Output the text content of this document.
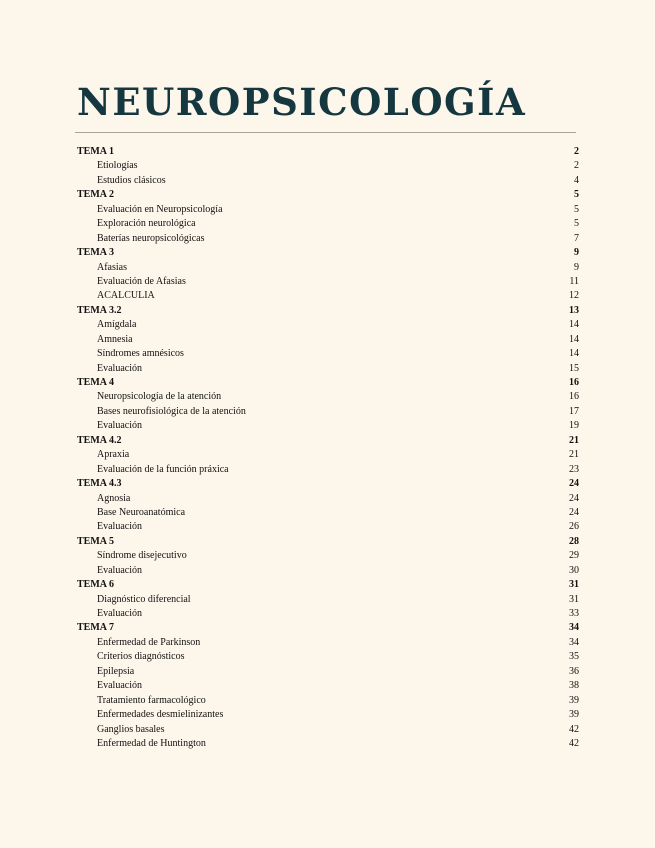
NEUROPSICOLOGÍA
TEMA 1	2
Etiologías	2
Estudios clásicos	4
TEMA 2	5
Evaluación en Neuropsicología	5
Exploración neurológica	5
Baterías neuropsicológicas	7
TEMA 3	9
Afasias	9
Evaluación de Afasias	11
ACALCULIA	12
TEMA 3.2	13
Amígdala	14
Amnesia	14
Síndromes amnésicos	14
Evaluación	15
TEMA 4	16
Neuropsicología de la atención	16
Bases neurofisiológica de la atención	17
Evaluación	19
TEMA 4.2	21
Apraxia	21
Evaluación de la función práxica	23
TEMA 4.3	24
Agnosia	24
Base Neuroanatómica	24
Evaluación	26
TEMA 5	28
Síndrome disejecutivo	29
Evaluación	30
TEMA 6	31
Diagnóstico diferencial	31
Evaluación	33
TEMA 7	34
Enfermedad de Parkinson	34
Criterios diagnósticos	35
Epilepsia	36
Evaluación	38
Tratamiento farmacológico	39
Enfermedades desmielinizantes	39
Ganglios basales	42
Enfermedad de Huntington	42
